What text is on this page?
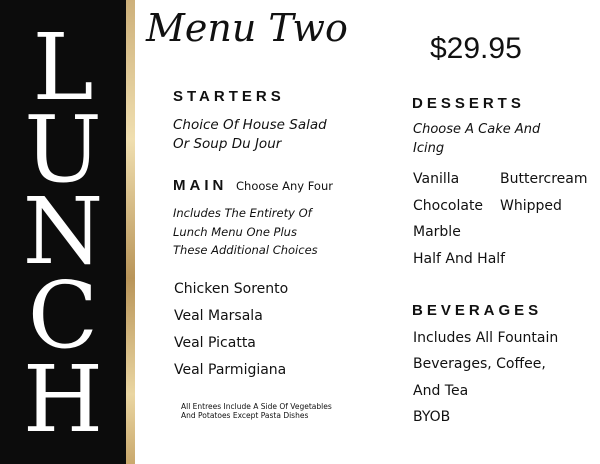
L
U
N
C
H
Menu Two	$29.95
STARTERS
Choice Of House Salad
Or Soup Du Jour
MAIN Choose Any Four
Includes The Entirety Of
Lunch Menu One Plus
These Additional Choices
Chicken Sorento
Veal Marsala
Veal Picatta
Veal Parmigiana
All Entrees Include A Side Of Vegetables
And Potatoes Except Pasta Dishes
DESSERTS
Choose A Cake And
Icing
Vanilla
Chocolate
Marble
Half And Half
Buttercream
Whipped
BEVERAGES
Includes All Fountain
Beverages, Coffee,
And Tea
BYOB
